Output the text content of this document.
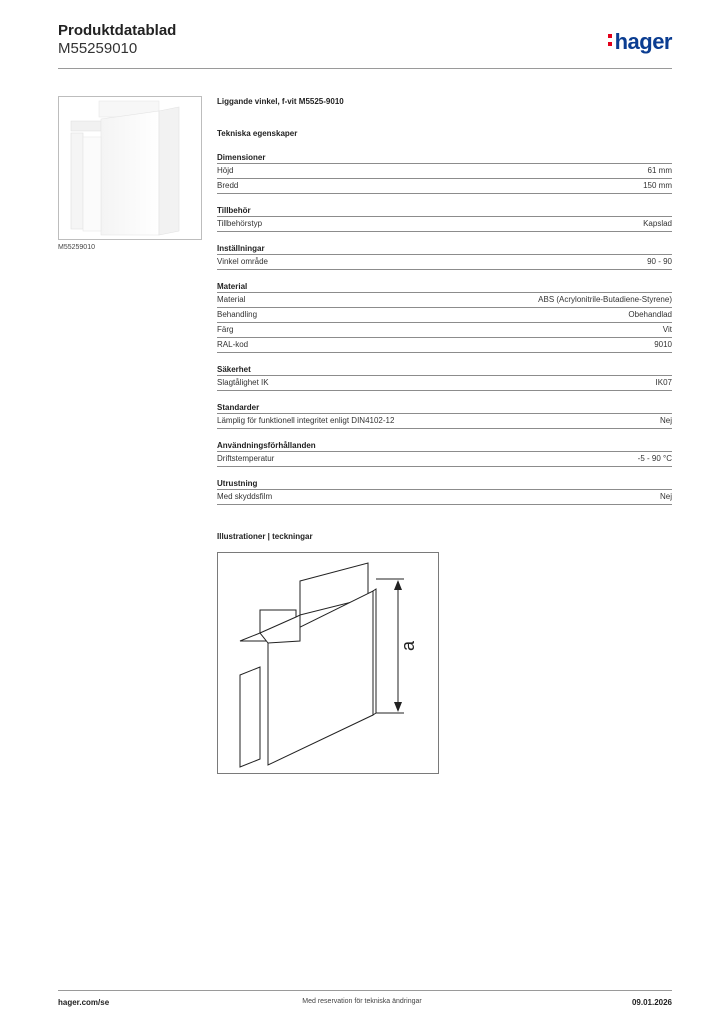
Produktdatablad
M55259010	hager
M55259010
Liggande vinkel, f-vit M5525-9010
Tekniska egenskaper
Dimensioner
Höjd	61 mm
Bredd	150 mm
Tillbehör
Tillbehörstyp	Kapslad
Inställningar
Vinkel område	90 - 90
Material
Material	ABS (Acrylonitrile-Butadiene-Styrene)
Behandling	Obehandlad
Färg	Vit
RAL-kod	9010
Säkerhet
Slagtålighet IK	IK07
Standarder
Lämplig för funktionell integritet enligt DIN4102-12	Nej
Användningsförhållanden
Driftstemperatur	-5 - 90 °C
Utrustning
Med skyddsfilm	Nej
Illustrationer | teckningar
a
hager.com/se	Med reservation för tekniska ändringar	09.01.2026
